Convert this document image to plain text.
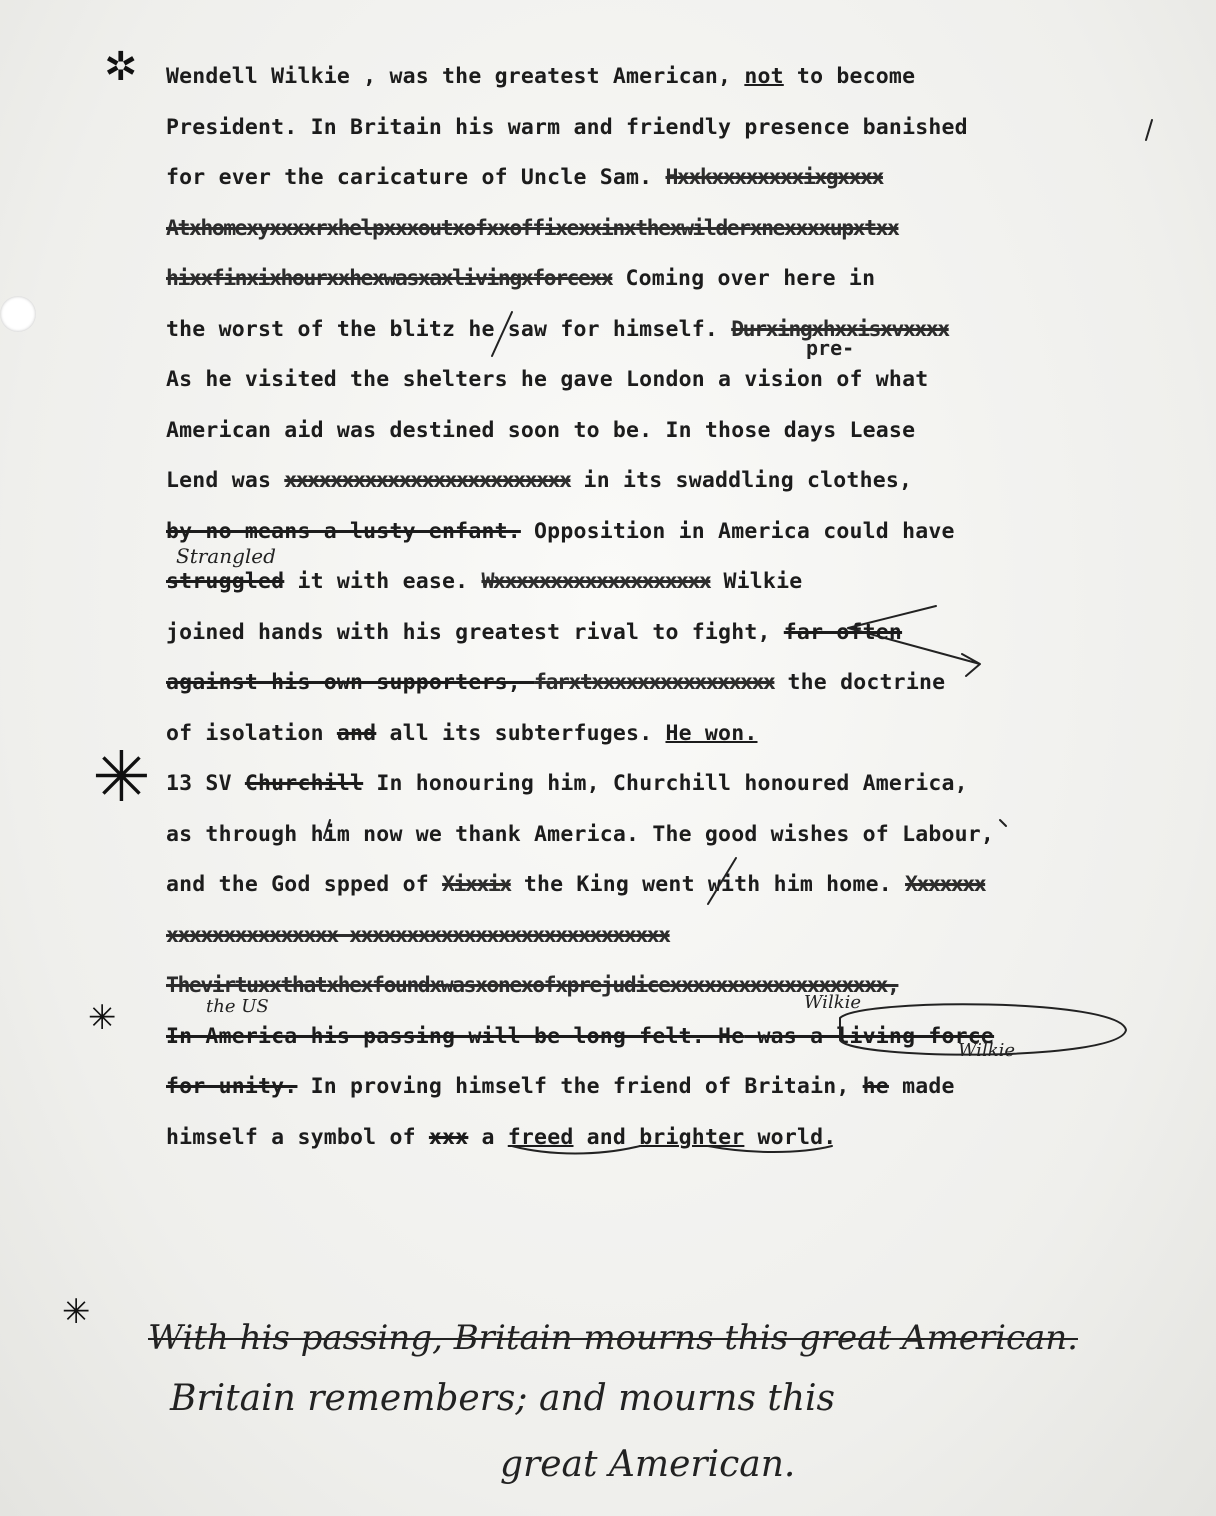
✲
✳
✳
✳
Wendell Wilkie , was the greatest American, not to become
President. In Britain his warm and friendly presence banished
for ever the caricature of Uncle Sam. Hxxkxxxxxxxxixgxxxx
Atxhomexyxxxxrxhelpxxxoutxofxxoffixexxinxthexwilderxnexxxxupxtxx
hixxfinxixhourxxhexwasxaxlivingxforcexx Coming over here in
the worst of the blitz he saw for himself. Durxingxhxxisxvxxxx
As he visited the shelters he gave London a vision of what
American aid was destined soon to be. In those days Lease
Lend was xxxxxxxxxxxxxxxxxxxxxxxxx in its swaddling clothes,
by no means a lusty enfant. Opposition in America could have
struggled it with ease. Wxxxxxxxxxxxxxxxxxxx Wilkie
joined hands with his greatest rival to fight, far often
against his own supporters, farxtxxxxxxxxxxxxxxxx the doctrine
of isolation and all its subterfuges. He won.
13 SV Churchill In honouring him, Churchill honoured America,
as through him now we thank America. The good wishes of Labour,
and the God spped of Xixxix the King went with him home. Xxxxxxx
xxxxxxxxxxxxxxx xxxxxxxxxxxxxxxxxxxxxxxxxxxx
Thevirtuxxthatxhexfoundxwasxonexofxprejudicexxxxxxxxxxxxxxxxxxx,
In America his passing will be long felt. He was a living force
for unity. In proving himself the friend of Britain, he made
himself a symbol of xxx a freed and brighter world.
pre-
Strangled
the US	Wilkie
Wilkie
With his passing, Britain mourns this great American.
Britain remembers; and mourns this
great American.
